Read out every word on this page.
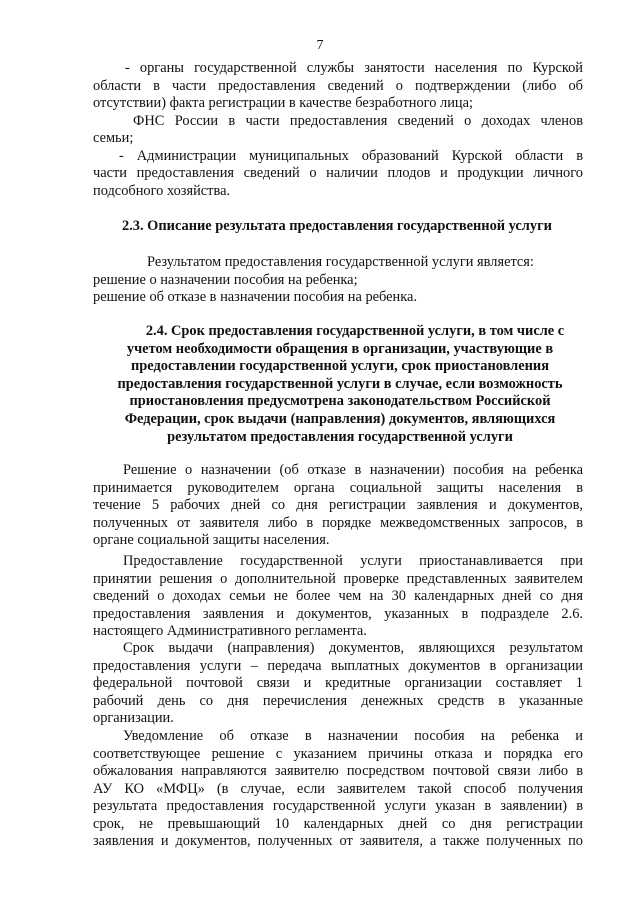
7
- органы государственной службы занятости населения по Курской
области в части предоставления сведений о подтверждении (либо об
отсутствии) факта регистрации в качестве безработного лица;
ФНС России в части предоставления сведений о доходах членов
семьи;
- Администрации муниципальных образований Курской области в
части предоставления сведений о наличии плодов и продукции личного
подсобного хозяйства.
2.3. Описание результата предоставления государственной услуги
Результатом предоставления государственной услуги является:
решение о назначении пособия на ребенка;
решение об отказе в назначении пособия на ребенка.
2.4. Срок предоставления государственной услуги, в том числе с
учетом необходимости обращения в организации, участвующие в
предоставлении государственной услуги, срок приостановления
предоставления государственной услуги в случае, если возможность
приостановления предусмотрена законодательством Российской
Федерации, срок выдачи (направления) документов, являющихся
результатом предоставления государственной услуги
Решение о назначении (об отказе в назначении) пособия на ребенка
принимается руководителем органа социальной защиты населения в
течение 5 рабочих дней со дня регистрации заявления и документов,
полученных от заявителя либо в порядке межведомственных запросов, в
органе социальной защиты населения.
Предоставление государственной услуги приостанавливается при
принятии решения о дополнительной проверке представленных заявителем
сведений о доходах семьи не более чем на 30 календарных дней со дня
предоставления заявления и документов, указанных в подразделе 2.6.
настоящего Административного регламента.
Срок выдачи (направления) документов, являющихся результатом
предоставления услуги – передача выплатных документов в организации
федеральной почтовой связи и кредитные организации составляет 1
рабочий день со дня перечисления денежных средств в указанные
организации.
Уведомление об отказе в назначении пособия на ребенка и
соответствующее решение с указанием причины отказа и порядка его
обжалования направляются заявителю посредством почтовой связи либо в
АУ КО «МФЦ» (в случае, если заявителем такой способ получения
результата предоставления государственной услуги указан в заявлении) в
срок, не превышающий 10 календарных дней со дня регистрации
заявления и документов, полученных от заявителя, а также полученных по
